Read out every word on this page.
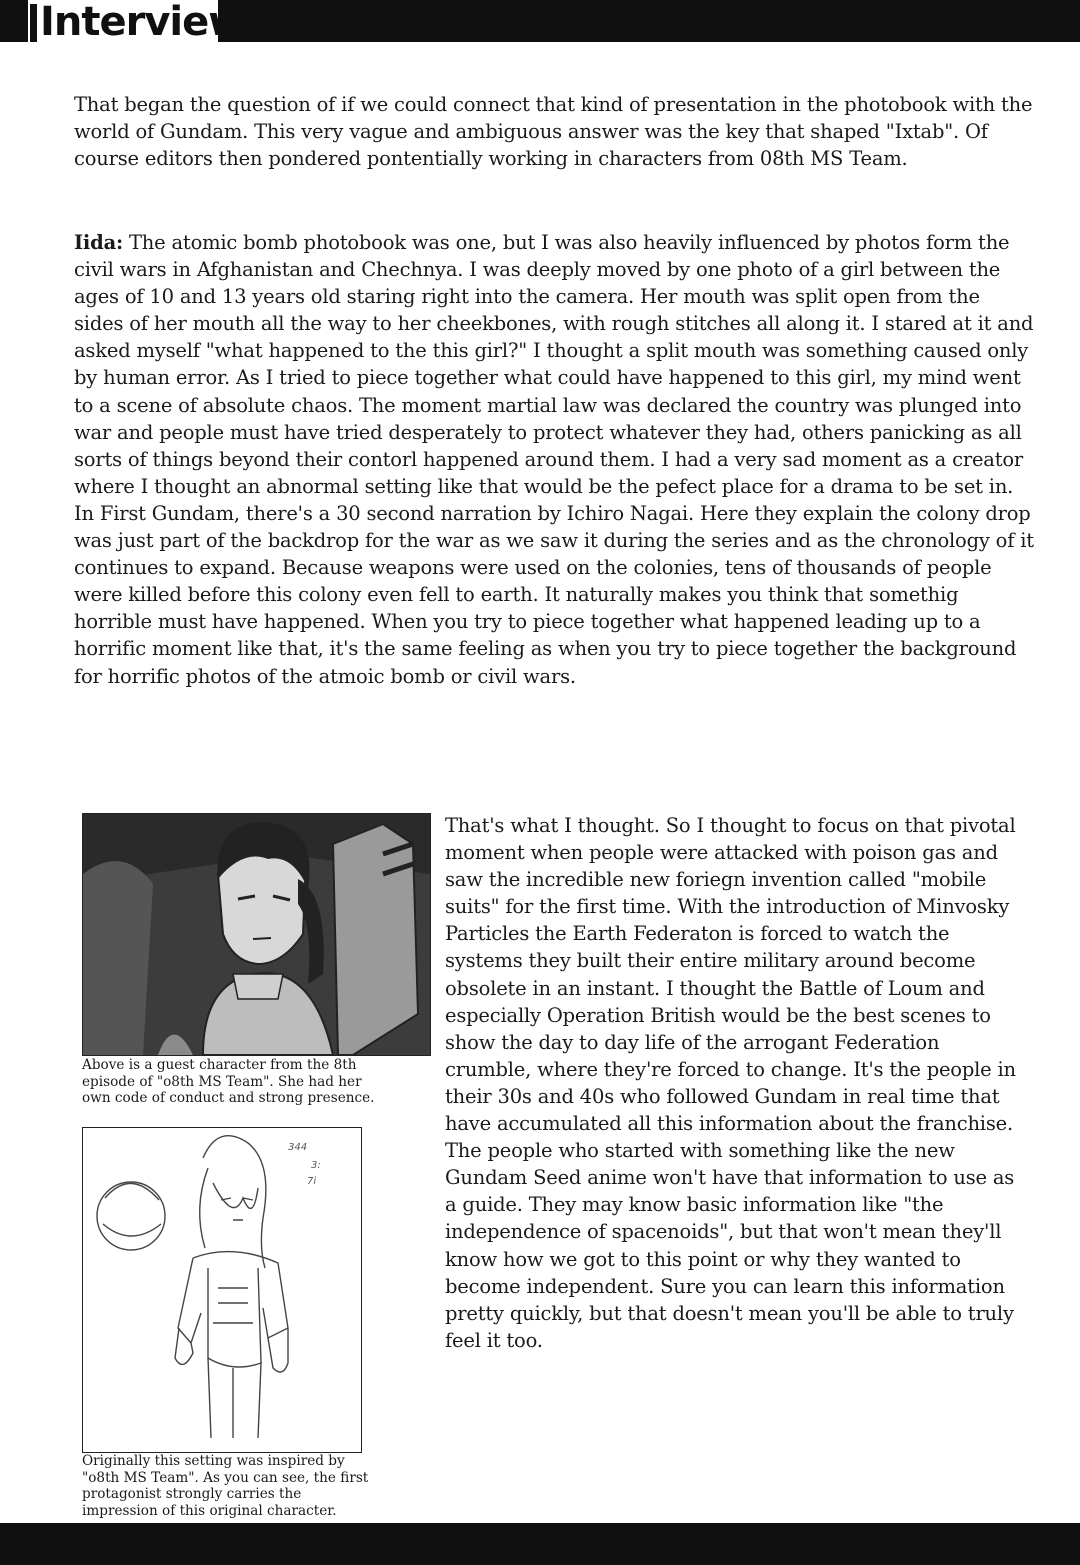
Interview

That began the question of if we could connect that kind of presentation in the photobook with the world of Gundam. This very vague and ambiguous answer was the key that shaped "Ixtab". Of course editors then pondered pontentially working in characters from 08th MS Team.

Iida: The atomic bomb photobook was one, but I was also heavily influenced by photos form the civil wars in Afghanistan and Chechnya. I was deeply moved by one photo of a girl between the ages of 10 and 13 years old staring right into the camera. Her mouth was split open from the sides of her mouth all the way to her cheekbones, with rough stitches all along it. I stared at it and asked myself "what happened to the this girl?" I thought a split mouth was something caused only by human error. As I tried to piece together what could have happened to this girl, my mind went to a scene of absolute chaos. The moment martial law was declared the country was plunged into war and people must have tried desperately to protect whatever they had, others panicking as all sorts of things beyond their contorl happened around them. I had a very sad moment as a creator where I thought an abnormal setting like that would be the pefect place for a drama to be set in. In First Gundam, there's a 30 second narration by Ichiro Nagai. Here they explain the colony drop was just part of the backdrop for the war as we saw it during the series and as the chronology of it continues to expand. Because weapons were used on the colonies, tens of thousands of people were killed before this colony even fell to earth. It naturally makes you think that somethig horrible must have happened. When you try to piece together what happened leading up to a horrific moment like that, it's the same feeling as when you try to piece together the background for horrific photos of the atmoic bomb or civil wars.

Above is a guest character from the 8th
episode of "o8th MS Team". She had her
own code of conduct and strong presence.
344
3:
7i
Originally this setting was inspired by
"o8th MS Team". As you can see, the first
protagonist strongly carries the
impression of this original character.

That's what I thought. So I thought to focus on that pivotal moment when people were attacked with poison gas and saw the incredible new foriegn invention called "mobile suits" for the first time. With the introduction of Minvosky Particles the Earth Federaton is forced to watch the systems they built their entire military around become obsolete in an instant. I thought the Battle of Loum and especially Operation British would be the best scenes to show the day to day life of the arrogant Federation crumble, where they're forced to change. It's the people in their 30s and 40s who followed Gundam in real time that have accumulated all this information about the franchise. The people who started with something like the new Gundam Seed anime won't have that information to use as a guide. They may know basic information like "the independence of spacenoids", but that won't mean they'll know how we got to this point or why they wanted to become independent. Sure you can learn this information pretty quickly, but that doesn't mean you'll be able to truly feel it too.
